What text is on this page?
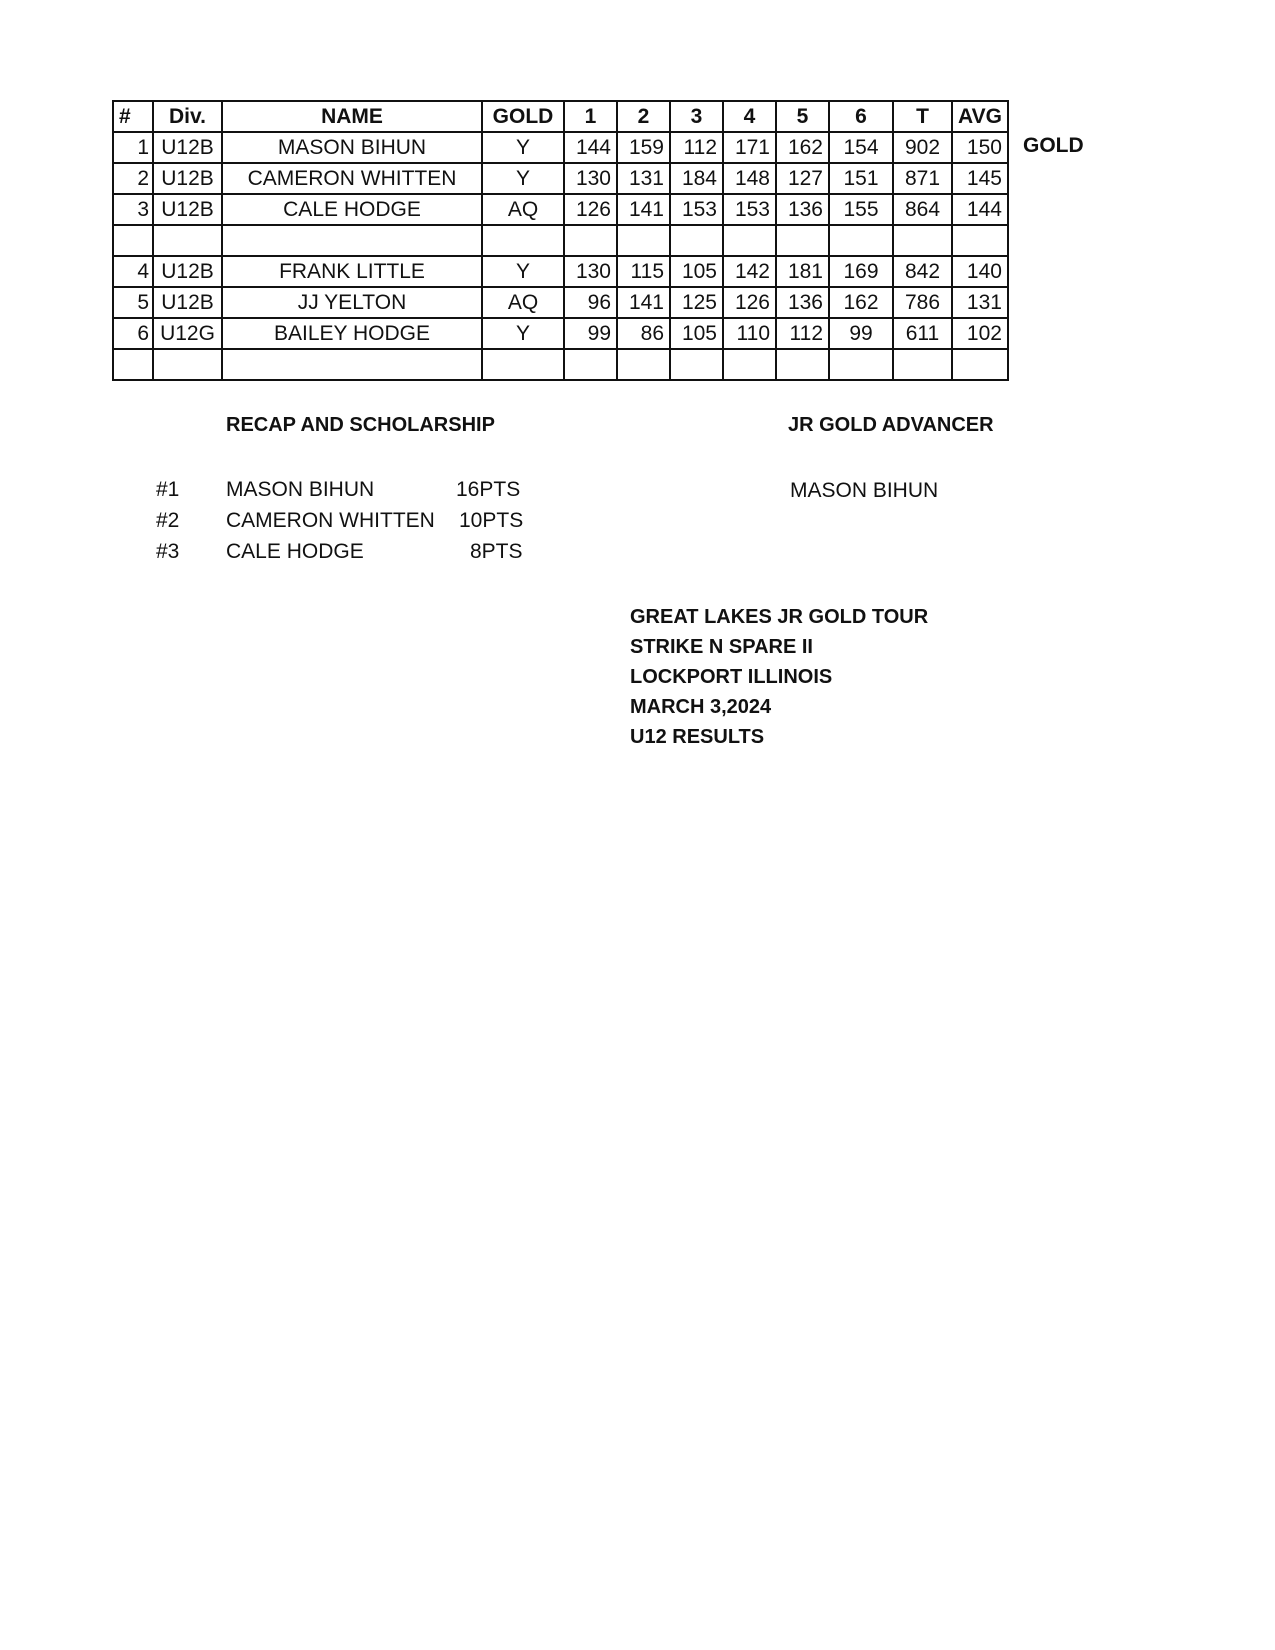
#	Div.	NAME	GOLD	1	2	3	4	5	6	T	AVG
1	U12B	MASON BIHUN	Y	144	159	112	171	162	154	902	150
2	U12B	CAMERON WHITTEN	Y	130	131	184	148	127	151	871	145
3	U12B	CALE HODGE	AQ	126	141	153	153	136	155	864	144

4	U12B	FRANK LITTLE	Y	130	115	105	142	181	169	842	140
5	U12B	JJ YELTON	AQ	96	141	125	126	136	162	786	131
6	U12G	BAILEY HODGE	Y	99	86	105	110	112	99	611	102

GOLD
RECAP AND SCHOLARSHIP	JR GOLD ADVANCER
#1 MASON BIHUN	16PTS
#2 CAMERON WHITTEN 10PTS
#3 CALE HODGE	8PTS
MASON BIHUN
GREAT LAKES JR GOLD TOUR
STRIKE N SPARE II
LOCKPORT ILLINOIS
MARCH 3,2024
U12 RESULTS
